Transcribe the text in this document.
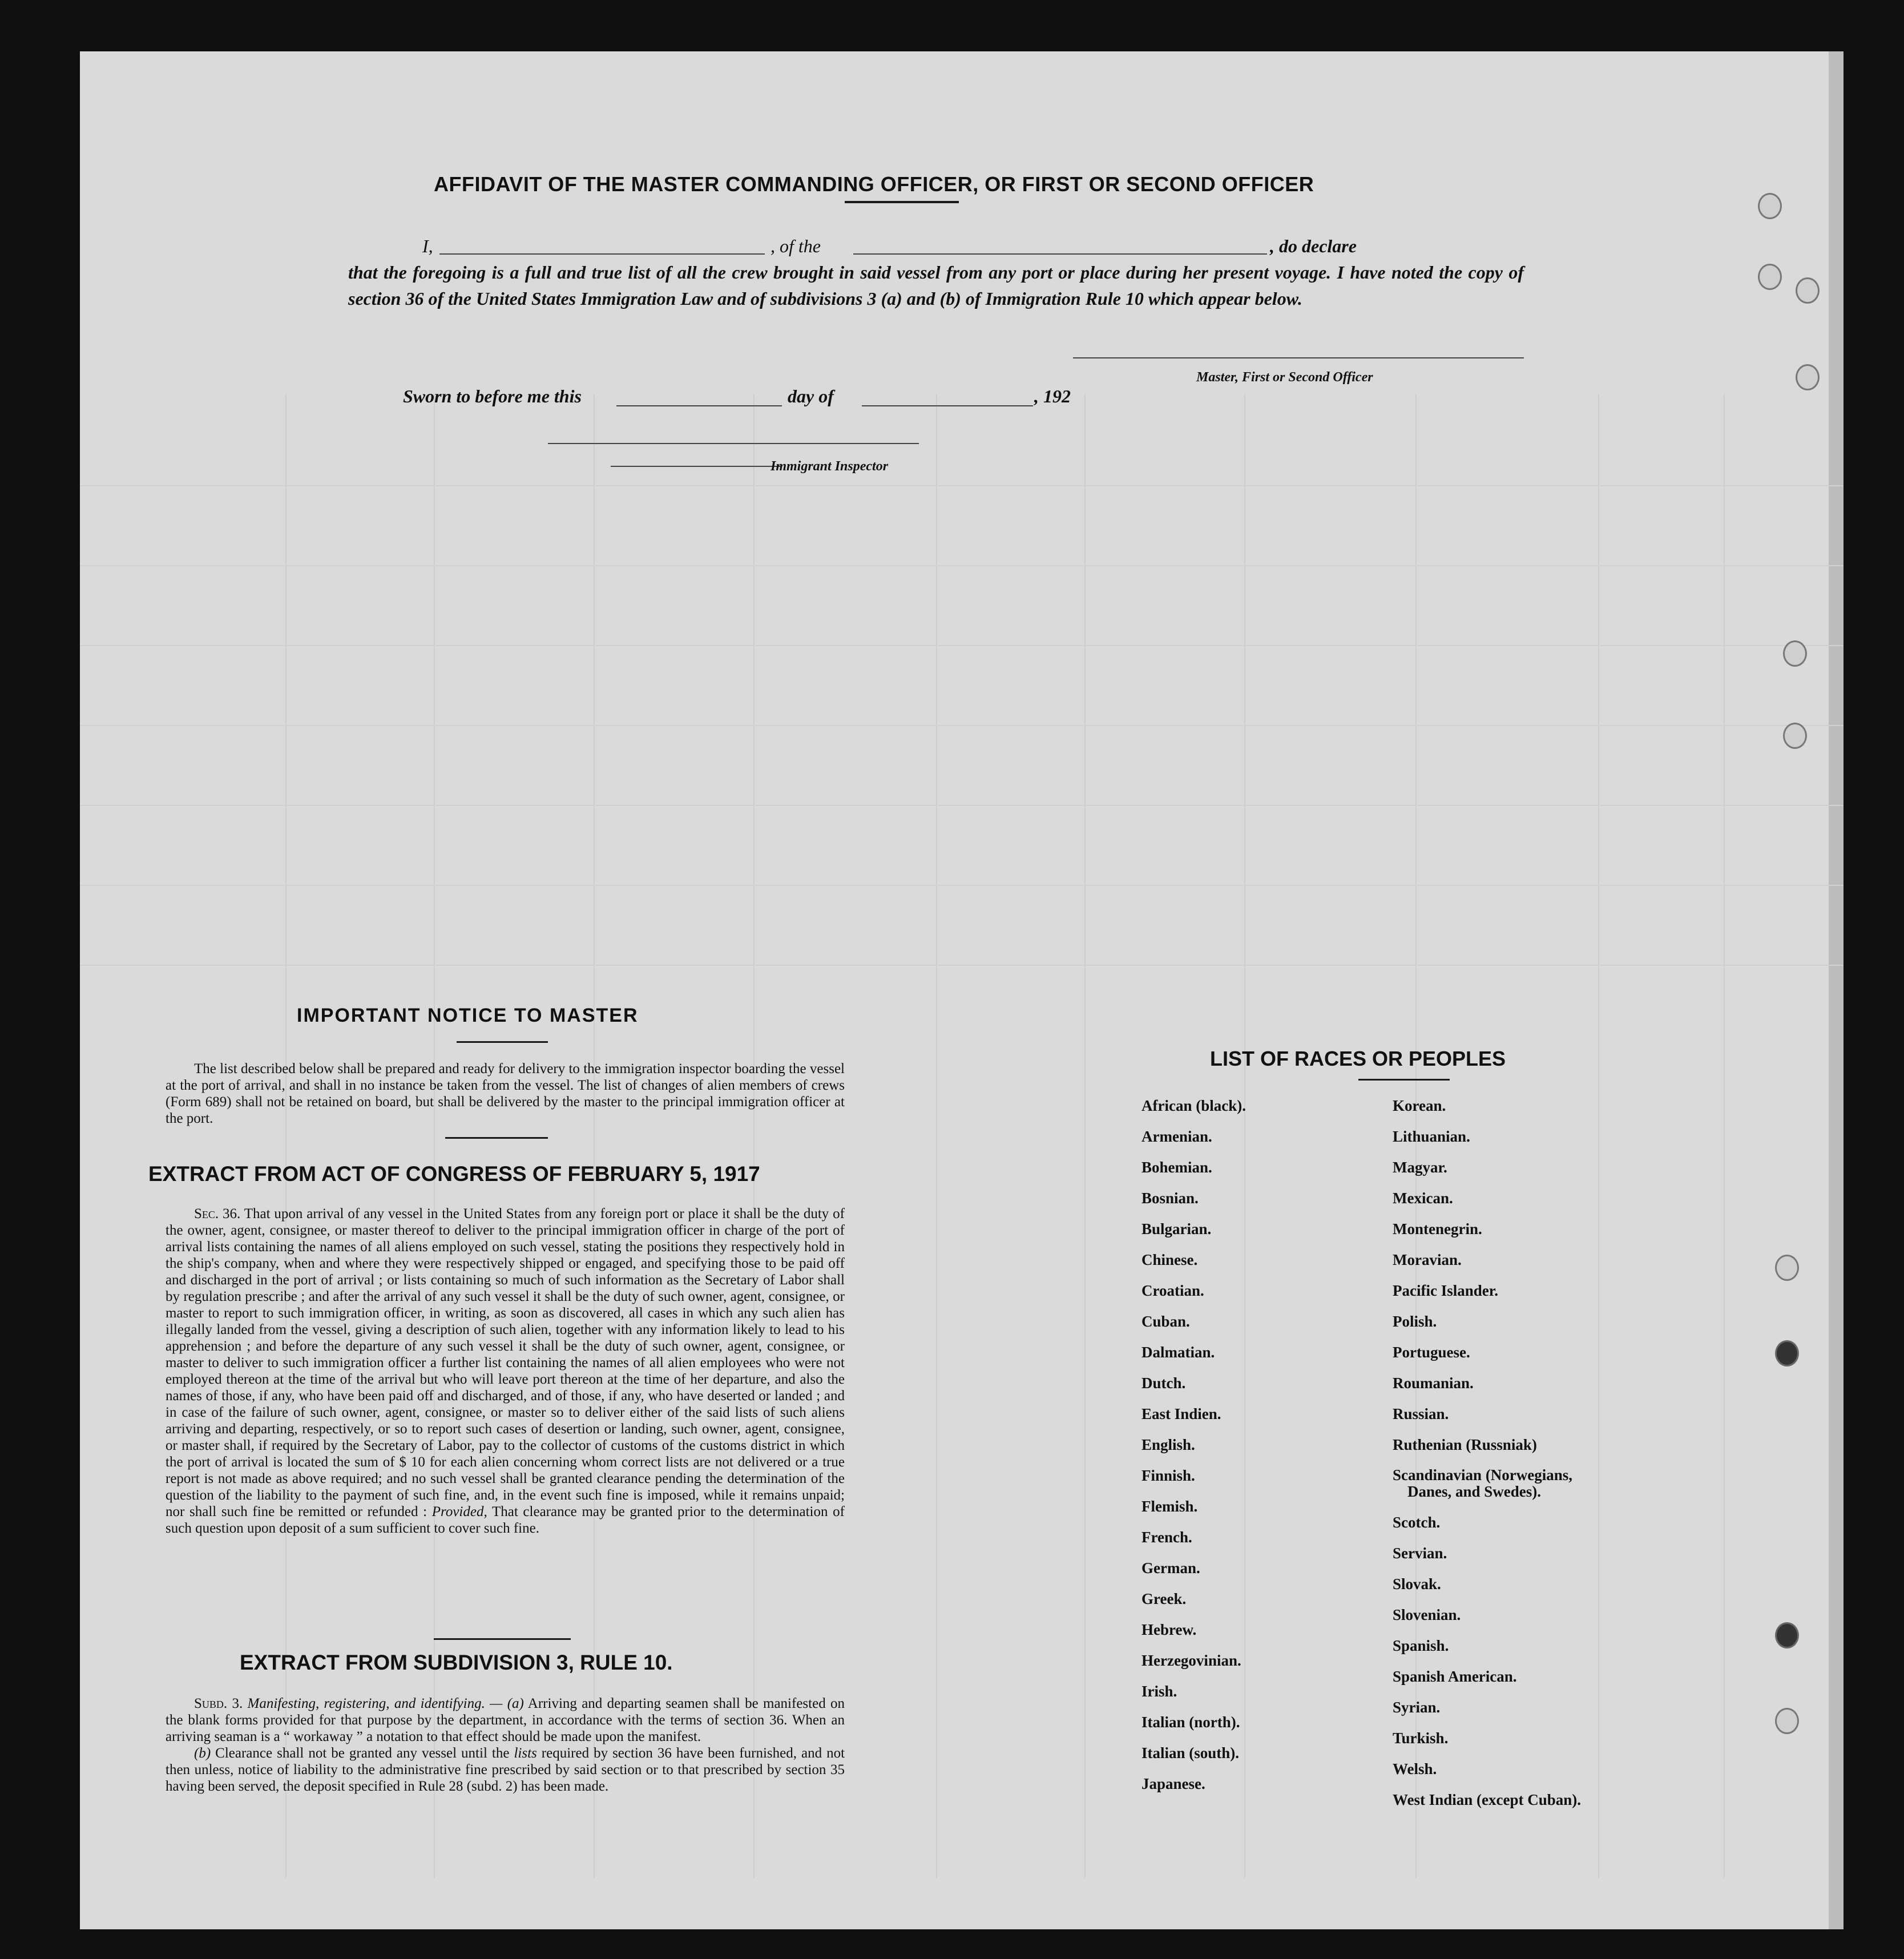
AFFIDAVIT OF THE MASTER COMMANDING OFFICER, OR FIRST OR SECOND OFFICER
I,	, of the	, do declare
that the foregoing is a full and true list of all the crew brought in said vessel from any port or place during her present voyage. I have noted the copy of section 36 of the United States Immigration Law and of subdivisions 3 (a) and (b) of Immigration Rule 10 which appear below.
Master, First or Second Officer
Sworn to before me this	day of	, 192
Immigrant Inspector
IMPORTANT NOTICE TO MASTER
The list described below shall be prepared and ready for delivery to the immigration inspector boarding the vessel at the port of arrival, and shall in no instance be taken from the vessel. The list of changes of alien members of crews (Form 689) shall not be retained on board, but shall be delivered by the master to the principal immigration officer at the port.
EXTRACT FROM ACT OF CONGRESS OF FEBRUARY 5, 1917
Sec. 36. That upon arrival of any vessel in the United States from any foreign port or place it shall be the duty of the owner, agent, consignee, or master thereof to deliver to the principal immigration officer in charge of the port of arrival lists containing the names of all aliens employed on such vessel, stating the positions they respectively hold in the ship's company, when and where they were respectively shipped or engaged, and specifying those to be paid off and discharged in the port of arrival ; or lists containing so much of such information as the Secretary of Labor shall by regulation prescribe ; and after the arrival of any such vessel it shall be the duty of such owner, agent, consignee, or master to report to such immigration officer, in writing, as soon as discovered, all cases in which any such alien has illegally landed from the vessel, giving a description of such alien, together with any information likely to lead to his apprehension ; and before the departure of any such vessel it shall be the duty of such owner, agent, consignee, or master to deliver to such immigration officer a further list containing the names of all alien employees who were not employed thereon at the time of the arrival but who will leave port thereon at the time of her departure, and also the names of those, if any, who have been paid off and discharged, and of those, if any, who have deserted or landed ; and in case of the failure of such owner, agent, consignee, or master so to deliver either of the said lists of such aliens arriving and departing, respectively, or so to report such cases of desertion or landing, such owner, agent, consignee, or master shall, if required by the Secretary of Labor, pay to the collector of customs of the customs district in which the port of arrival is located the sum of $ 10 for each alien concerning whom correct lists are not delivered or a true report is not made as above required; and no such vessel shall be granted clearance pending the determination of the question of the liability to the payment of such fine, and, in the event such fine is imposed, while it remains unpaid; nor shall such fine be remitted or refunded : Provided, That clearance may be granted prior to the determination of such question upon deposit of a sum sufficient to cover such fine.
EXTRACT FROM SUBDIVISION 3, RULE 10.

Subd. 3. Manifesting, registering, and identifying. — (a) Arriving and departing seamen shall be manifested on the blank forms provided for that purpose by the department, in accordance with the terms of section 36. When an arriving seaman is a “ workaway ” a notation to that effect should be made upon the manifest.

(b) Clearance shall not be granted any vessel until the lists required by section 36 have been furnished, and not then unless, notice of liability to the administrative fine prescribed by said section or to that prescribed by section 35 having been served, the deposit specified in Rule 28 (subd. 2) has been made.

LIST OF RACES OR PEOPLES
African (black).
Armenian.
Bohemian.
Bosnian.
Bulgarian.
Chinese.
Croatian.
Cuban.
Dalmatian.
Dutch.
East Indien.
English.
Finnish.
Flemish.
French.
German.
Greek.
Hebrew.
Herzegovinian.
Irish.
Italian (north).
Italian (south).
Japanese.
Korean.
Lithuanian.
Magyar.
Mexican.
Montenegrin.
Moravian.
Pacific Islander.
Polish.
Portuguese.
Roumanian.
Russian.
Ruthenian (Russniak)
Scandinavian (Norwegians,
Danes, and Swedes).
Scotch.
Servian.
Slovak.
Slovenian.
Spanish.
Spanish American.
Syrian.
Turkish.
Welsh.
West Indian (except Cuban).
